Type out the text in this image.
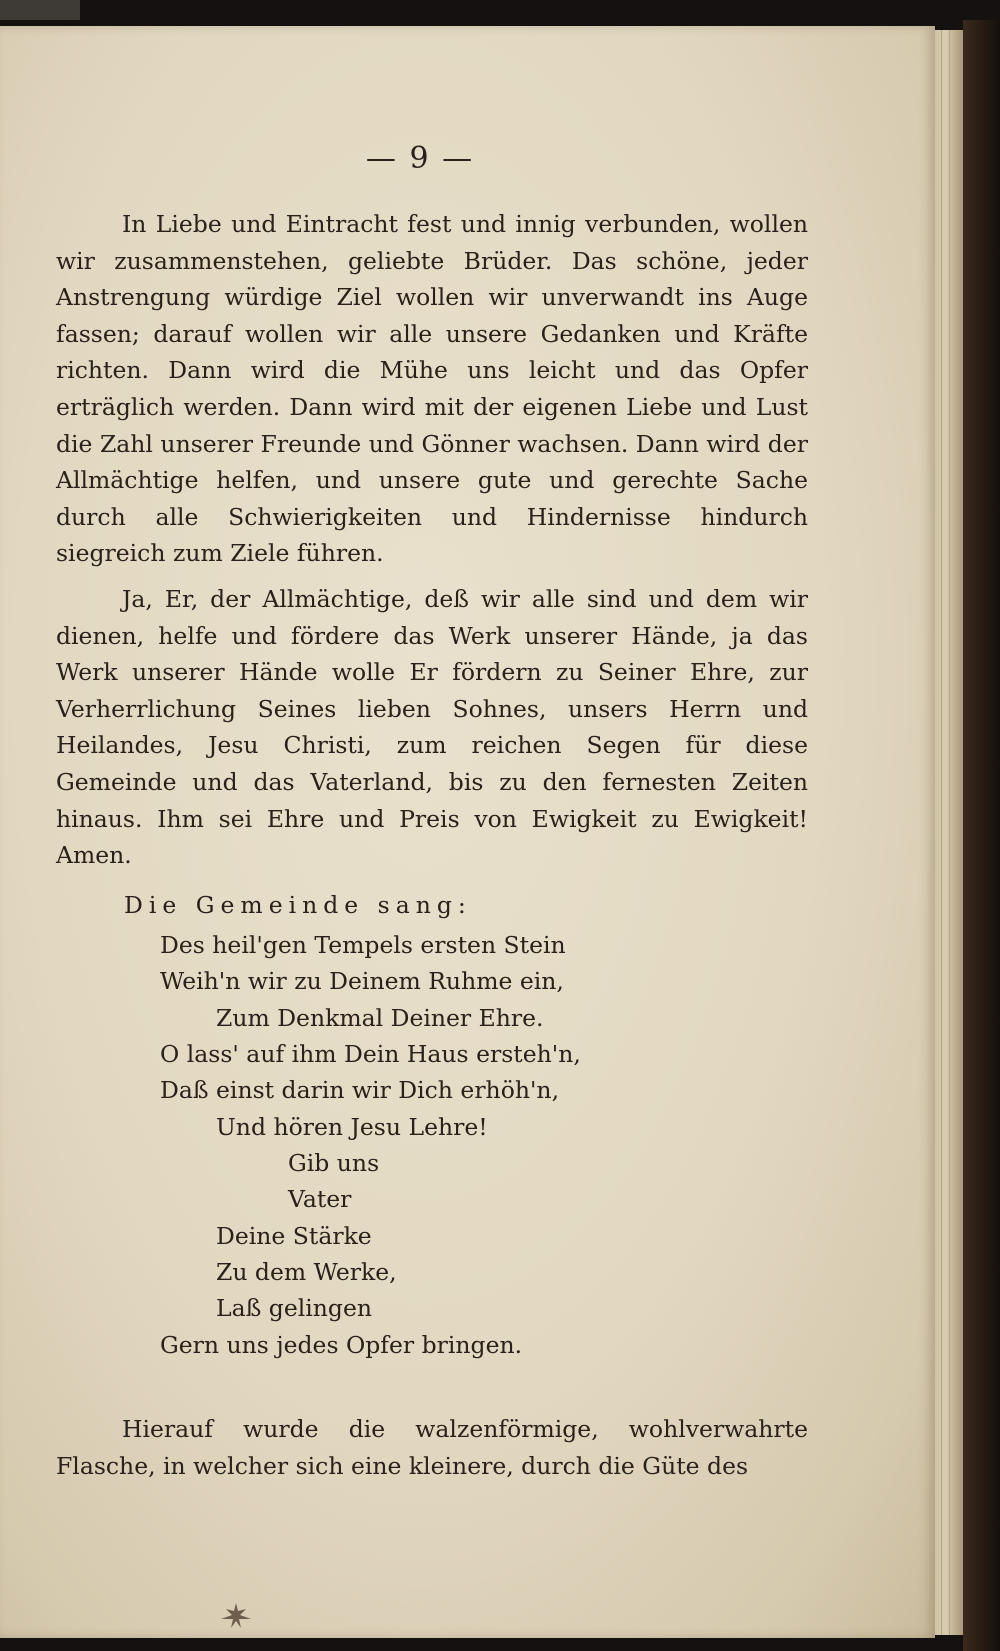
— 9 —

In Liebe und Eintracht fest und innig verbunden, wollen wir zusammenstehen, geliebte Brüder. Das schöne, jeder Anstrengung würdige Ziel wollen wir unverwandt ins Auge fassen; darauf wollen wir alle unsere Gedanken und Kräfte richten. Dann wird die Mühe uns leicht und das Opfer erträglich werden. Dann wird mit der eigenen Liebe und Lust die Zahl unserer Freunde und Gönner wachsen. Dann wird der Allmächtige helfen, und unsere gute und gerechte Sache durch alle Schwierigkeiten und Hindernisse hindurch siegreich zum Ziele führen.

Ja, Er, der Allmächtige, deß wir alle sind und dem wir dienen, helfe und fördere das Werk unserer Hände, ja das Werk unserer Hände wolle Er fördern zu Seiner Ehre, zur Verherrlichung Seines lieben Sohnes, unsers Herrn und Heilandes, Jesu Christi, zum reichen Segen für diese Gemeinde und das Vaterland, bis zu den fernesten Zeiten hinaus. Ihm sei Ehre und Preis von Ewigkeit zu Ewigkeit! Amen.

Die Gemeinde sang:
Des heil'gen Tempels ersten Stein
Weih'n wir zu Deinem Ruhme ein,
Zum Denkmal Deiner Ehre.
O lass' auf ihm Dein Haus ersteh'n,
Daß einst darin wir Dich erhöh'n,
Und hören Jesu Lehre!
Gib uns
Vater
Deine Stärke
Zu dem Werke,
Laß gelingen
Gern uns jedes Opfer bringen.

Hierauf wurde die walzenförmige, wohlverwahrte Flasche, in welcher sich eine kleinere, durch die Güte des
